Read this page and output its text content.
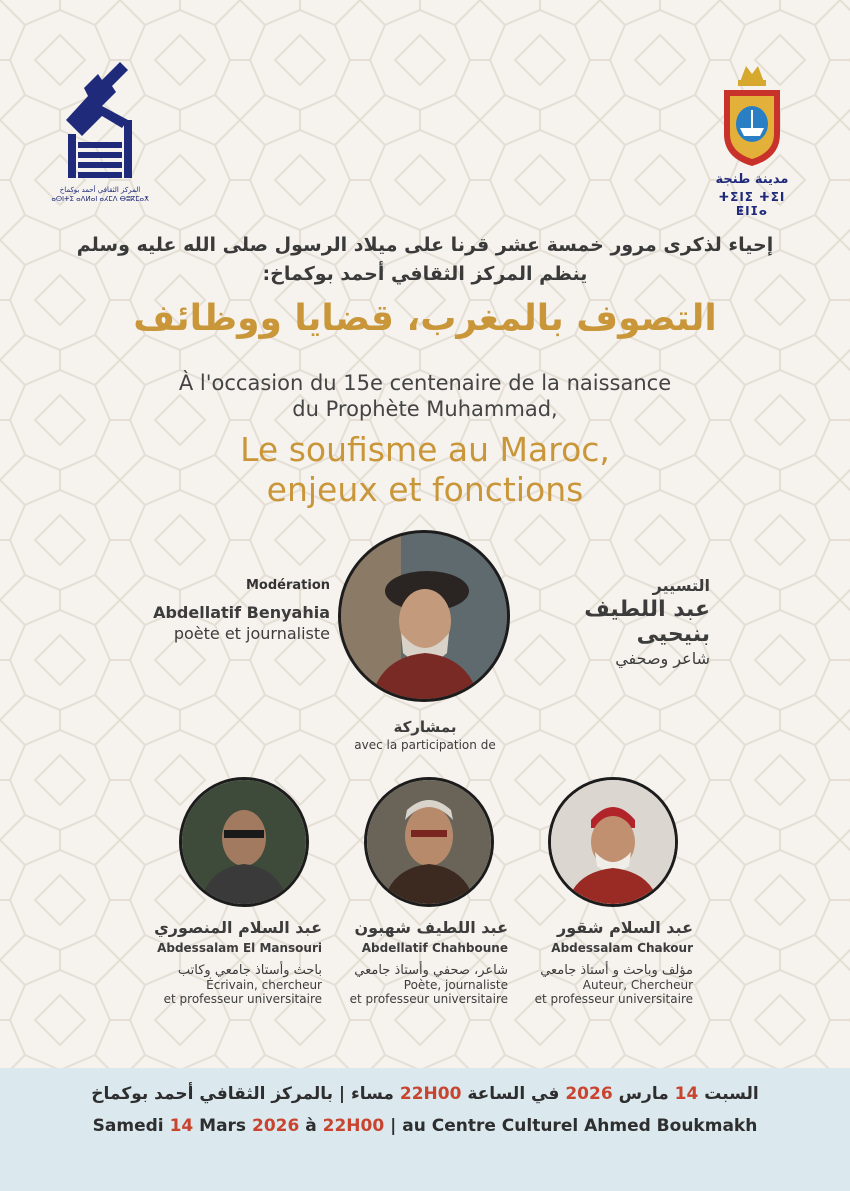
المركز الثقافي أحمد بوكماخ
ⴰⵙⵏⵜⵉ ⴰⴷⵍⴰⵏ ⴰⵃⵎⴷ ⴱⵓⴽⵎⴰⵅ
مدينة طنجة
ⵜⵉⵏⵉ ⵜⵉⵏ ⵟⵏⵊⴰ
إحياء لذكرى مرور خمسة عشر قرنا على ميلاد الرسول صلى الله عليه وسلم
ينظم المركز الثقافي أحمد بوكماخ:
التصوف بالمغرب، قضايا ووظائف
À l'occasion du 15e centenaire de la naissance
du Prophète Muhammad,
Le soufisme au Maroc,
enjeux et fonctions
Modération
Abdellatif Benyahia
poète et journaliste
التسيير
عبد اللطيف بنيحيى
شاعر وصحفي
بمشاركة
avec la participation de
عبد السلام المنصوري
Abdessalam El Mansouri
باحث وأستاذ جامعي وكاتب
Écrivain, chercheur
et professeur universitaire
عبد اللطيف شهبون
Abdellatif Chahboune
شاعر، صحفي وأستاذ جامعي
Poète, journaliste
et professeur universitaire
عبد السلام شقور
Abdessalam Chakour
مؤلف وباحث و أستاذ جامعي
Auteur, Chercheur
et professeur universitaire
السبت 14 مارس 2026 في الساعة 22H00 مساء | بالمركز الثقافي أحمد بوكماخ
Samedi 14 Mars 2026 à 22H00 | au Centre Culturel Ahmed Boukmakh
